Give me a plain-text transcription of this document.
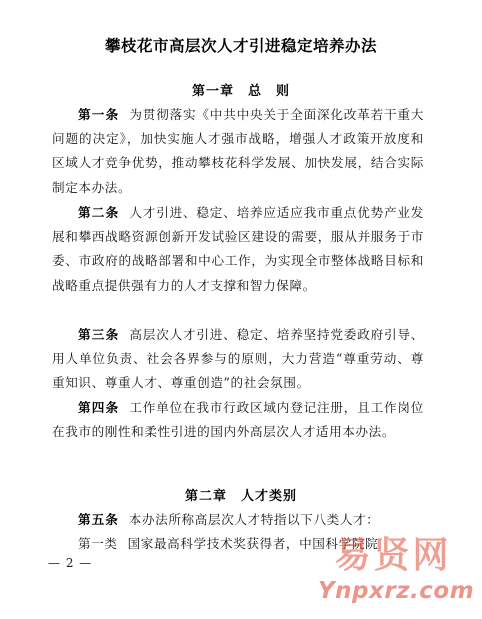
攀枝花市高层次人才引进稳定培养办法
第一章　总　则

第一条 为贯彻落实《中共中央关于全面深化改革若干重大问题的决定》，加快实施人才强市战略，增强人才政策开放度和区域人才竞争优势，推动攀枝花科学发展、加快发展，结合实际制定本办法。

第二条 人才引进、稳定、培养应适应我市重点优势产业发展和攀西战略资源创新开发试验区建设的需要，服从并服务于市委、市政府的战略部署和中心工作，为实现全市整体战略目标和战略重点提供强有力的人才支撑和智力保障。

第三条 高层次人才引进、稳定、培养坚持党委政府引导、用人单位负责、社会各界参与的原则，大力营造“尊重劳动、尊重知识、尊重人才、尊重创造”的社会氛围。

第四条 工作单位在我市行政区域内登记注册，且工作岗位在我市的刚性和柔性引进的国内外高层次人才适用本办法。

第二章　人才类别

第五条 本办法所称高层次人才特指以下八类人才：

第一类 国家最高科学技术奖获得者，中国科学院院

— 2 —	易贤网
Ynpxrz.com
